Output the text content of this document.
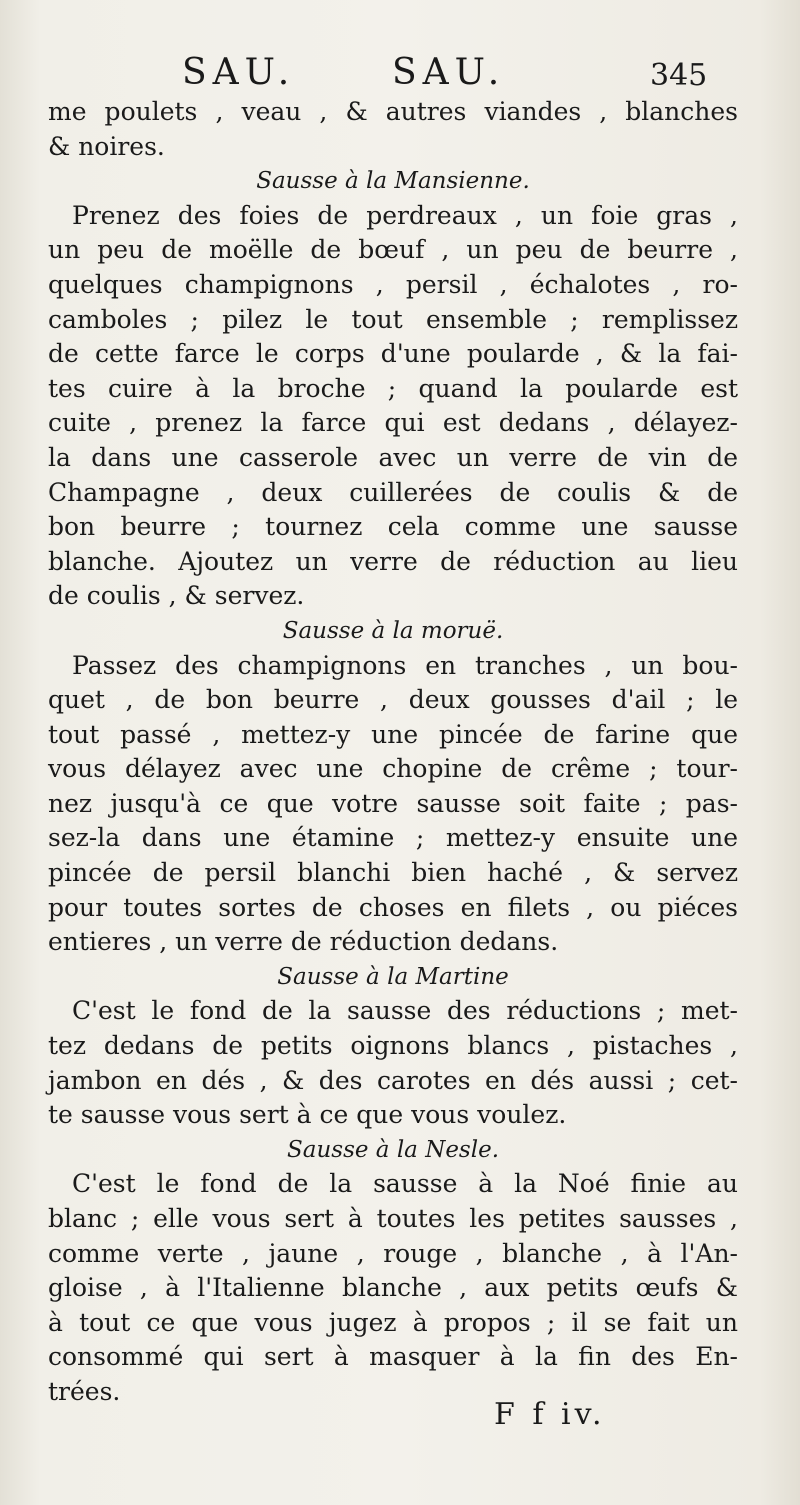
SAU.	SAU.	345
me poulets , veau , & autres viandes , blanches
& noires.
Sausse à la Mansienne.
Prenez des foies de perdreaux , un foie gras ,
un peu de moëlle de bœuf , un peu de beurre ,
quelques champignons , persil , échalotes , ro-
camboles ; pilez le tout ensemble ; remplissez
de cette farce le corps d'une poularde , & la fai-
tes cuire à la broche ; quand la poularde est
cuite , prenez la farce qui est dedans , délayez-
la dans une casserole avec un verre de vin de
Champagne , deux cuillerées de coulis & de
bon beurre ; tournez cela comme une sausse
blanche. Ajoutez un verre de réduction au lieu
de coulis , & servez.
Sausse à la moruë.
Passez des champignons en tranches , un bou-
quet , de bon beurre , deux gousses d'ail ; le
tout passé , mettez-y une pincée de farine que
vous délayez avec une chopine de crême ; tour-
nez jusqu'à ce que votre sausse soit faite ; pas-
sez-la dans une étamine ; mettez-y ensuite une
pincée de persil blanchi bien haché , & servez
pour toutes sortes de choses en filets , ou piéces
entieres , un verre de réduction dedans.
Sausse à la Martine
C'est le fond de la sausse des réductions ; met-
tez dedans de petits oignons blancs , pistaches ,
jambon en dés , & des carotes en dés aussi ; cet-
te sausse vous sert à ce que vous voulez.
Sausse à la Nesle.
C'est le fond de la sausse à la Noé finie au
blanc ; elle vous sert à toutes les petites sausses ,
comme verte , jaune , rouge , blanche , à l'An-
gloise , à l'Italienne blanche , aux petits œufs &
à tout ce que vous jugez à propos ; il se fait un
consommé qui sert à masquer à la fin des En-
trées.
F f iv.
